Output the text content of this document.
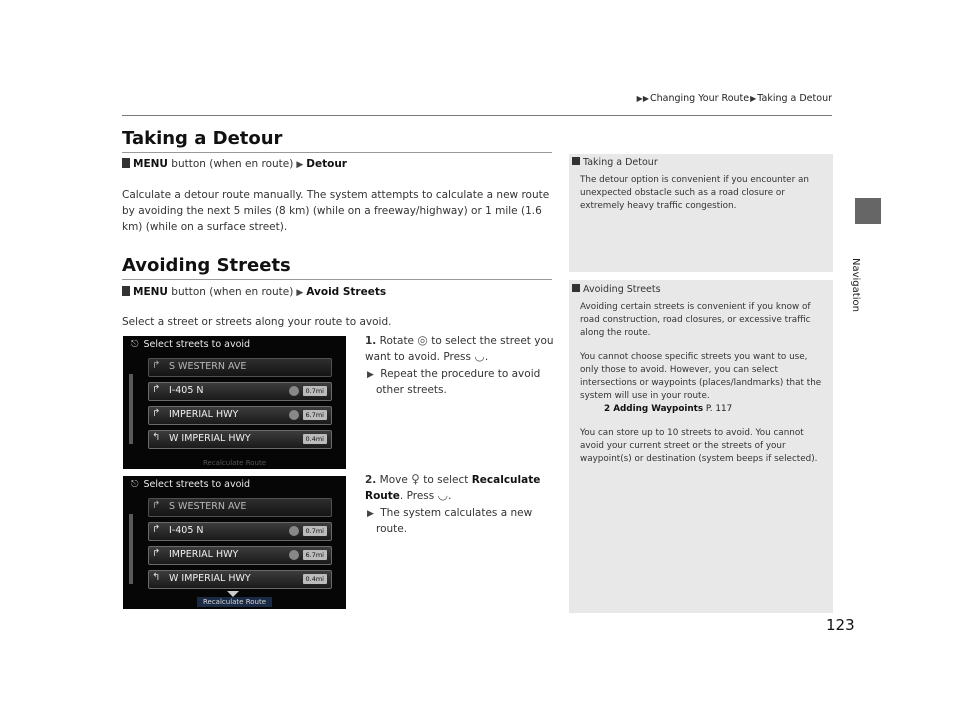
▶▶Changing Your Route▶Taking a Detour
Navigation
Taking a Detour
MENU button (when en route) ▶ Detour
Calculate a detour route manually. The system attempts to calculate a new route by avoiding the next 5 miles (8 km) (while on a freeway/highway) or 1 mile (1.6 km) (while on a surface street).
Avoiding Streets
MENU button (when en route) ▶ Avoid Streets
Select a street or streets along your route to avoid.
1. Rotate ◎ to select the street you want to avoid. Press ◡.
▶ Repeat the procedure to avoid other streets.
2. Move ♀ to select Recalculate Route. Press ◡.
▶ The system calculates a new route.
Taking a Detour
The detour option is convenient if you encounter an unexpected obstacle such as a road closure or extremely heavy traffic congestion.
Avoiding Streets

Avoiding certain streets is convenient if you know of road construction, road closures, or excessive traffic along the route.

You cannot choose specific streets you want to use, only those to avoid. However, you can select intersections or waypoints (places/landmarks) that the system will use in your route.

2 Adding Waypoints P. 117

You can store up to 10 streets to avoid. You cannot avoid your current street or the streets of your waypoint(s) or destination (system beeps if selected).

⎋ Select streets to avoid
↱ S WESTERN AVE
↱ I-405 N	0.7mi
↱ IMPERIAL HWY	6.7mi
↰ W IMPERIAL HWY	0.4mi
Recalculate Route
⎋ Select streets to avoid
↱ S WESTERN AVE
↱ I-405 N	0.7mi
↱ IMPERIAL HWY	6.7mi
↰ W IMPERIAL HWY	0.4mi
Recalculate Route
123
